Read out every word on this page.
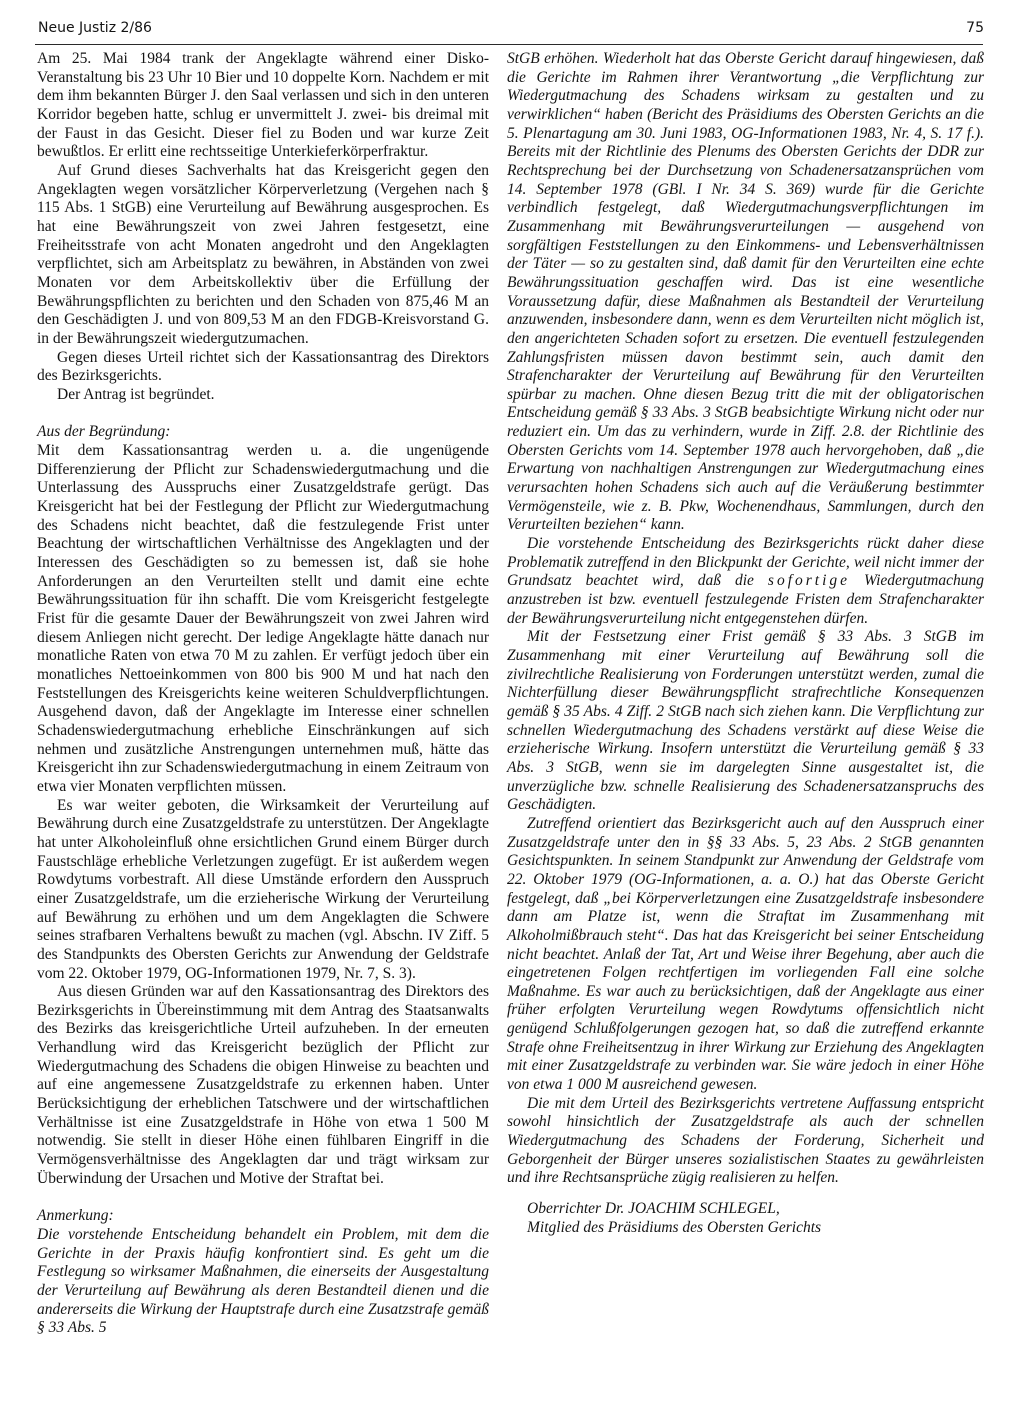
Neue Justiz 2/86	75

Am 25. Mai 1984 trank der Angeklagte während einer Disko-Veranstaltung bis 23 Uhr 10 Bier und 10 doppelte Korn. Nachdem er mit dem ihm bekannten Bürger J. den Saal verlassen und sich in den unteren Korridor begeben hatte, schlug er unvermittelt J. zwei- bis dreimal mit der Faust in das Gesicht. Dieser fiel zu Boden und war kurze Zeit bewußtlos. Er erlitt eine rechtsseitige Unterkieferkörperfraktur.

Auf Grund dieses Sachverhalts hat das Kreisgericht gegen den Angeklagten wegen vorsätzlicher Körperverletzung (Vergehen nach § 115 Abs. 1 StGB) eine Verurteilung auf Bewährung ausgesprochen. Es hat eine Bewährungszeit von zwei Jahren festgesetzt, eine Freiheitsstrafe von acht Monaten angedroht und den Angeklagten verpflichtet, sich am Arbeitsplatz zu bewähren, in Abständen von zwei Monaten vor dem Arbeitskollektiv über die Erfüllung der Bewährungspflichten zu berichten und den Schaden von 875,46 M an den Geschädigten J. und von 809,53 M an den FDGB-Kreisvorstand G. in der Bewährungszeit wiedergutzumachen.

Gegen dieses Urteil richtet sich der Kassationsantrag des Direktors des Bezirksgerichts.

Der Antrag ist begründet.

Aus der Begründung:

Mit dem Kassationsantrag werden u. a. die ungenügende Differenzierung der Pflicht zur Schadenswiedergutmachung und die Unterlassung des Ausspruchs einer Zusatzgeldstrafe gerügt. Das Kreisgericht hat bei der Festlegung der Pflicht zur Wiedergutmachung des Schadens nicht beachtet, daß die festzulegende Frist unter Beachtung der wirtschaftlichen Verhältnisse des Angeklagten und der Interessen des Geschädigten so zu bemessen ist, daß sie hohe Anforderungen an den Verurteilten stellt und damit eine echte Bewährungssituation für ihn schafft. Die vom Kreisgericht festgelegte Frist für die gesamte Dauer der Bewährungszeit von zwei Jahren wird diesem Anliegen nicht gerecht. Der ledige Angeklagte hätte danach nur monatliche Raten von etwa 70 M zu zahlen. Er verfügt jedoch über ein monatliches Nettoeinkommen von 800 bis 900 M und hat nach den Feststellungen des Kreisgerichts keine weiteren Schuldverpflichtungen. Ausgehend davon, daß der Angeklagte im Interesse einer schnellen Schadenswiedergutmachung erhebliche Einschränkungen auf sich nehmen und zusätzliche Anstrengungen unternehmen muß, hätte das Kreisgericht ihn zur Schadenswiedergutmachung in einem Zeitraum von etwa vier Monaten verpflichten müssen.

Es war weiter geboten, die Wirksamkeit der Verurteilung auf Bewährung durch eine Zusatzgeldstrafe zu unterstützen. Der Angeklagte hat unter Alkoholeinfluß ohne ersichtlichen Grund einem Bürger durch Faustschläge erhebliche Verletzungen zugefügt. Er ist außerdem wegen Rowdytums vorbestraft. All diese Umstände erfordern den Ausspruch einer Zusatzgeldstrafe, um die erzieherische Wirkung der Verurteilung auf Bewährung zu erhöhen und um dem Angeklagten die Schwere seines strafbaren Verhaltens bewußt zu machen (vgl. Abschn. IV Ziff. 5 des Standpunkts des Obersten Gerichts zur Anwendung der Geldstrafe vom 22. Oktober 1979, OG-Informationen 1979, Nr. 7, S. 3).

Aus diesen Gründen war auf den Kassationsantrag des Direktors des Bezirksgerichts in Übereinstimmung mit dem Antrag des Staatsanwalts des Bezirks das kreisgerichtliche Urteil aufzuheben. In der erneuten Verhandlung wird das Kreisgericht bezüglich der Pflicht zur Wiedergutmachung des Schadens die obigen Hinweise zu beachten und auf eine angemessene Zusatzgeldstrafe zu erkennen haben. Unter Berücksichtigung der erheblichen Tatschwere und der wirtschaftlichen Verhältnisse ist eine Zusatzgeldstrafe in Höhe von etwa 1 500 M notwendig. Sie stellt in dieser Höhe einen fühlbaren Eingriff in die Vermögensverhältnisse des Angeklagten dar und trägt wirksam zur Überwindung der Ursachen und Motive der Straftat bei.

Anmerkung:

Die vorstehende Entscheidung behandelt ein Problem, mit dem die Gerichte in der Praxis häufig konfrontiert sind. Es geht um die Festlegung so wirksamer Maßnahmen, die einerseits der Ausgestaltung der Verurteilung auf Bewährung als deren Bestandteil dienen und die andererseits die Wirkung der Hauptstrafe durch eine Zusatzstrafe gemäß § 33 Abs. 5

StGB erhöhen. Wiederholt hat das Oberste Gericht darauf hingewiesen, daß die Gerichte im Rahmen ihrer Verantwortung „die Verpflichtung zur Wiedergutmachung des Schadens wirksam zu gestalten und zu verwirklichen“ haben (Bericht des Präsidiums des Obersten Gerichts an die 5. Plenartagung am 30. Juni 1983, OG-Informationen 1983, Nr. 4, S. 17 f.). Bereits mit der Richtlinie des Plenums des Obersten Gerichts der DDR zur Rechtsprechung bei der Durchsetzung von Schadenersatzansprüchen vom 14. September 1978 (GBl. I Nr. 34 S. 369) wurde für die Gerichte verbindlich festgelegt, daß Wiedergutmachungsverpflichtungen im Zusammenhang mit Bewährungsverurteilungen — ausgehend von sorgfältigen Feststellungen zu den Einkommens- und Lebensverhältnissen der Täter — so zu gestalten sind, daß damit für den Verurteilten eine echte Bewährungssituation geschaffen wird. Das ist eine wesentliche Voraussetzung dafür, diese Maßnahmen als Bestandteil der Verurteilung anzuwenden, insbesondere dann, wenn es dem Verurteilten nicht möglich ist, den angerichteten Schaden sofort zu ersetzen. Die eventuell festzulegenden Zahlungsfristen müssen davon bestimmt sein, auch damit den Strafencharakter der Verurteilung auf Bewährung für den Verurteilten spürbar zu machen. Ohne diesen Bezug tritt die mit der obligatorischen Entscheidung gemäß § 33 Abs. 3 StGB beabsichtigte Wirkung nicht oder nur reduziert ein. Um das zu verhindern, wurde in Ziff. 2.8. der Richtlinie des Obersten Gerichts vom 14. September 1978 auch hervorgehoben, daß „die Erwartung von nachhaltigen Anstrengungen zur Wiedergutmachung eines verursachten hohen Schadens sich auch auf die Veräußerung bestimmter Vermögensteile, wie z. B. Pkw, Wochenendhaus, Sammlungen, durch den Verurteilten beziehen“ kann.

Die vorstehende Entscheidung des Bezirksgerichts rückt daher diese Problematik zutreffend in den Blickpunkt der Gerichte, weil nicht immer der Grundsatz beachtet wird, daß die sofortige Wiedergutmachung anzustreben ist bzw. eventuell festzulegende Fristen dem Strafencharakter der Bewährungsverurteilung nicht entgegenstehen dürfen.

Mit der Festsetzung einer Frist gemäß § 33 Abs. 3 StGB im Zusammenhang mit einer Verurteilung auf Bewährung soll die zivilrechtliche Realisierung von Forderungen unterstützt werden, zumal die Nichterfüllung dieser Bewährungspflicht strafrechtliche Konsequenzen gemäß § 35 Abs. 4 Ziff. 2 StGB nach sich ziehen kann. Die Verpflichtung zur schnellen Wiedergutmachung des Schadens verstärkt auf diese Weise die erzieherische Wirkung. Insofern unterstützt die Verurteilung gemäß § 33 Abs. 3 StGB, wenn sie im dargelegten Sinne ausgestaltet ist, die unverzügliche bzw. schnelle Realisierung des Schadenersatzanspruchs des Geschädigten.

Zutreffend orientiert das Bezirksgericht auch auf den Ausspruch einer Zusatzgeldstrafe unter den in §§ 33 Abs. 5, 23 Abs. 2 StGB genannten Gesichtspunkten. In seinem Standpunkt zur Anwendung der Geldstrafe vom 22. Oktober 1979 (OG-Informationen, a. a. O.) hat das Oberste Gericht festgelegt, daß „bei Körperverletzungen eine Zusatzgeldstrafe insbesondere dann am Platze ist, wenn die Straftat im Zusammenhang mit Alkoholmißbrauch steht“. Das hat das Kreisgericht bei seiner Entscheidung nicht beachtet. Anlaß der Tat, Art und Weise ihrer Begehung, aber auch die eingetretenen Folgen rechtfertigen im vorliegenden Fall eine solche Maßnahme. Es war auch zu berücksichtigen, daß der Angeklagte aus einer früher erfolgten Verurteilung wegen Rowdytums offensichtlich nicht genügend Schlußfolgerungen gezogen hat, so daß die zutreffend erkannte Strafe ohne Freiheitsentzug in ihrer Wirkung zur Erziehung des Angeklagten mit einer Zusatzgeldstrafe zu verbinden war. Sie wäre jedoch in einer Höhe von etwa 1 000 M ausreichend gewesen.

Die mit dem Urteil des Bezirksgerichts vertretene Auffassung entspricht sowohl hinsichtlich der Zusatzgeldstrafe als auch der schnellen Wiedergutmachung des Schadens der Forderung, Sicherheit und Geborgenheit der Bürger unseres sozialistischen Staates zu gewährleisten und ihre Rechtsansprüche zügig realisieren zu helfen.

Oberrichter Dr. JOACHIM SCHLEGEL,

Mitglied des Präsidiums des Obersten Gerichts
